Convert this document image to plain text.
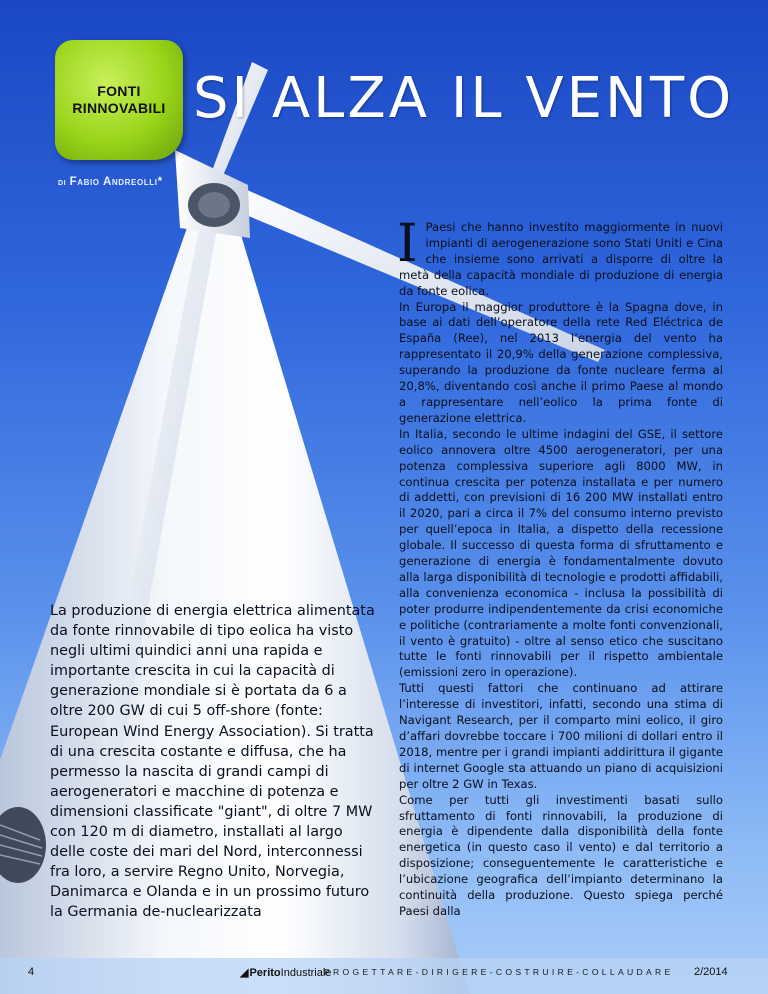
FONTI
RINNOVABILI SI ALZA IL VENTO
di Fabio Andreolli*
I Paesi che hanno investito maggiormente in nuovi impianti di aerogenerazione sono Stati Uniti e Cina che insieme sono arrivati a disporre di oltre la metà della capacità mondiale di produzione di energia da fonte eolica.

In Europa il maggior produttore è la Spagna dove, in base ai dati dell’operatore della rete Red Eléctrica de España (Ree), nel 2013 l’energia del vento ha rappresentato il 20,9% della generazione complessiva, superando la produzione da fonte nucleare ferma al 20,8%, diventando così anche il primo Paese al mondo a rappresentare nell’eolico la prima fonte di generazione elettrica.

In Italia, secondo le ultime indagini del GSE, il settore eolico annovera oltre 4500 aerogeneratori, per una potenza complessiva superiore agli 8000 MW, in continua crescita per potenza installata e per numero di addetti, con previsioni di 16 200 MW installati entro il 2020, pari a circa il 7% del consumo interno previsto per quell’epoca in Italia, a dispetto della recessione globale. Il successo di questa forma di sfruttamento e generazione di energia è fondamentalmente dovuto alla larga disponibilità di tecnologie e prodotti affidabili, alla convenienza economica - inclusa la possibilità di poter produrre indipendentemente da crisi economiche e politiche (contrariamente a molte fonti convenzionali, il vento è gratuito) - oltre al senso etico che suscitano tutte le fonti rinnovabili per il rispetto ambientale (emissioni zero in operazione).

Tutti questi fattori che continuano ad attirare l’interesse di investitori, infatti, secondo una stima di Navigant Research, per il comparto mini eolico, il giro d’affari dovrebbe toccare i 700 milioni di dollari entro il 2018, mentre per i grandi impianti addirittura il gigante di internet Google sta attuando un piano di acquisizioni per oltre 2 GW in Texas.

Come per tutti gli investimenti basati sullo sfruttamento di fonti rinnovabili, la produzione di energia è dipendente dalla disponibilità della fonte energetica (in questo caso il vento) e dal territorio a disposizione; conseguentemente le caratteristiche e l’ubicazione geografica dell’impianto determinano la continuità della produzione. Questo spiega perché Paesi dalla

La produzione di energia elettrica alimentata da fonte rinnovabile di tipo eolica ha visto negli ultimi quindici anni una rapida e importante crescita in cui la capacità di generazione mondiale si è portata da 6 a oltre 200 GW di cui 5 off-shore (fonte: European Wind Energy Association). Si tratta di una crescita costante e diffusa, che ha permesso la nascita di grandi campi di aerogeneratori e macchine di potenza e dimensioni classificate "giant", di oltre 7 MW con 120 m di diametro, installati al largo delle coste dei mari del Nord, interconnessi fra loro, a servire Regno Unito, Norvegia, Danimarca e Olanda e in un prossimo futuro la Germania de-nuclearizzata
4	◢PeritoIndustriale
PROGETTARE-DIRIGERE-COSTRUIRE-COLLAUDARE 2/2014
